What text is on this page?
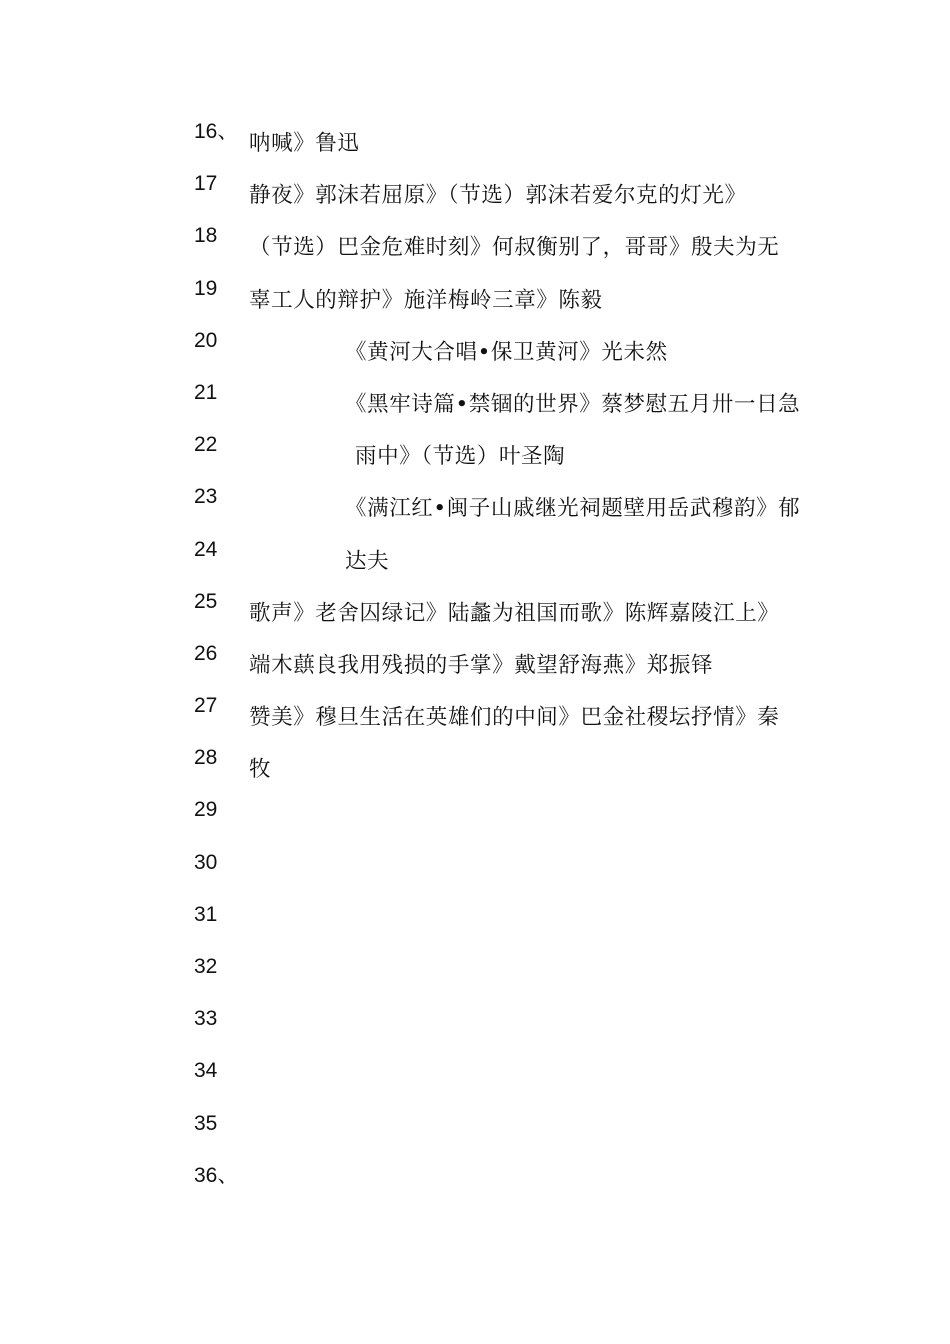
16、
17
18
19
20
21
22
23
24
25
26
27
28
29
30
31
32
33
34
35
36、
呐喊》鲁迅
静夜》郭沫若屈原》（节选）郭沫若爱尔克的灯光》
（节选）巴金危难时刻》何叔衡别了，哥哥》殷夫为无
辜工人的辩护》施洋梅岭三章》陈毅
《黄河大合唱•保卫黄河》光未然
《黑牢诗篇•禁锢的世界》蔡梦慰五月卅一日急
雨中》（节选）叶圣陶
《满江红•闽子山戚继光祠题壁用岳武穆韵》郁
达夫
歌声》老舍囚绿记》陆蠡为祖国而歌》陈辉嘉陵江上》
端木蕻良我用残损的手掌》戴望舒海燕》郑振铎
赞美》穆旦生活在英雄们的中间》巴金社稷坛抒情》秦
牧
